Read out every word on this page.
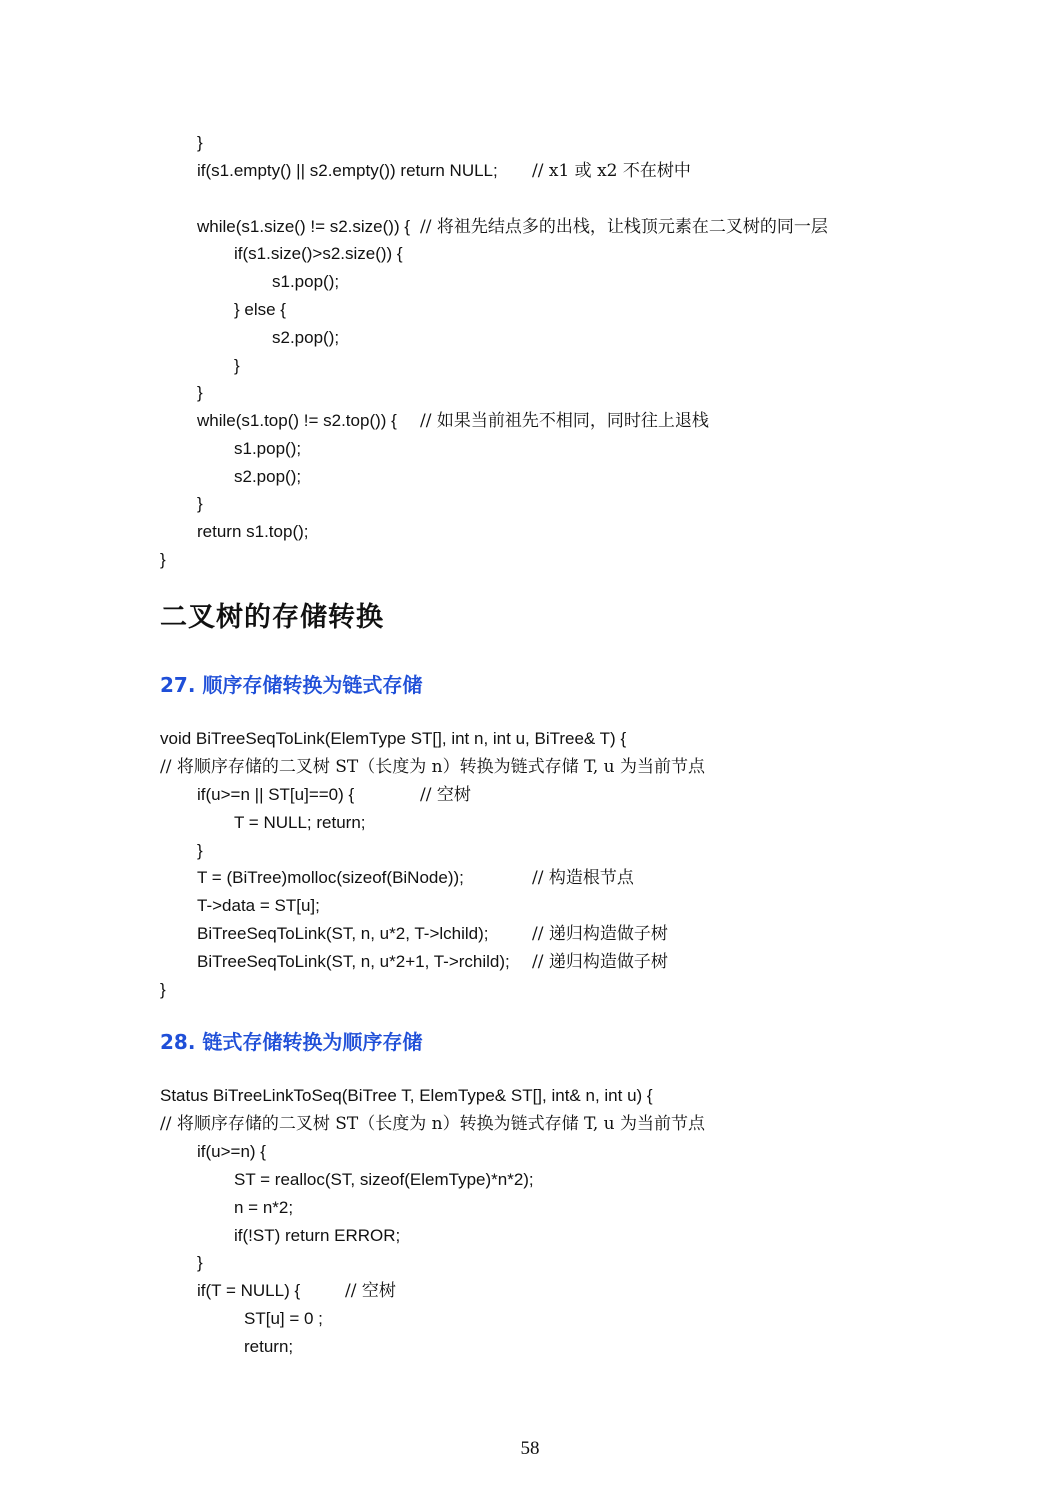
}
if(s1.empty() || s2.empty()) return NULL; // x1 或 x2 不在树中
while(s1.size() != s2.size()) { // 将祖先结点多的出栈，让栈顶元素在二叉树的同一层
if(s1.size()>s2.size()) {
s1.pop();
} else {
s2.pop();
}
}
while(s1.top() != s2.top()) { // 如果当前祖先不相同，同时往上退栈
s1.pop();
s2.pop();
}
return s1.top();
}
二叉树的存储转换
27. 顺序存储转换为链式存储
void BiTreeSeqToLink(ElemType ST[], int n, int u, BiTree& T) {
// 将顺序存储的二叉树 ST（长度为 n）转换为链式存储 T, u 为当前节点
if(u>=n || ST[u]==0) {	// 空树
T = NULL; return;
}
T = (BiTree)molloc(sizeof(BiNode));	// 构造根节点
T->data = ST[u];
BiTreeSeqToLink(ST, n, u*2, T->lchild);	// 递归构造做子树
BiTreeSeqToLink(ST, n, u*2+1, T->rchild); // 递归构造做子树
}
28. 链式存储转换为顺序存储
Status BiTreeLinkToSeq(BiTree T, ElemType& ST[], int& n, int u) {
// 将顺序存储的二叉树 ST（长度为 n）转换为链式存储 T, u 为当前节点
if(u>=n) {
ST = realloc(ST, sizeof(ElemType)*n*2);
n = n*2;
if(!ST) return ERROR;
}
if(T = NULL) {	// 空树
ST[u] = 0 ;
return;
58
